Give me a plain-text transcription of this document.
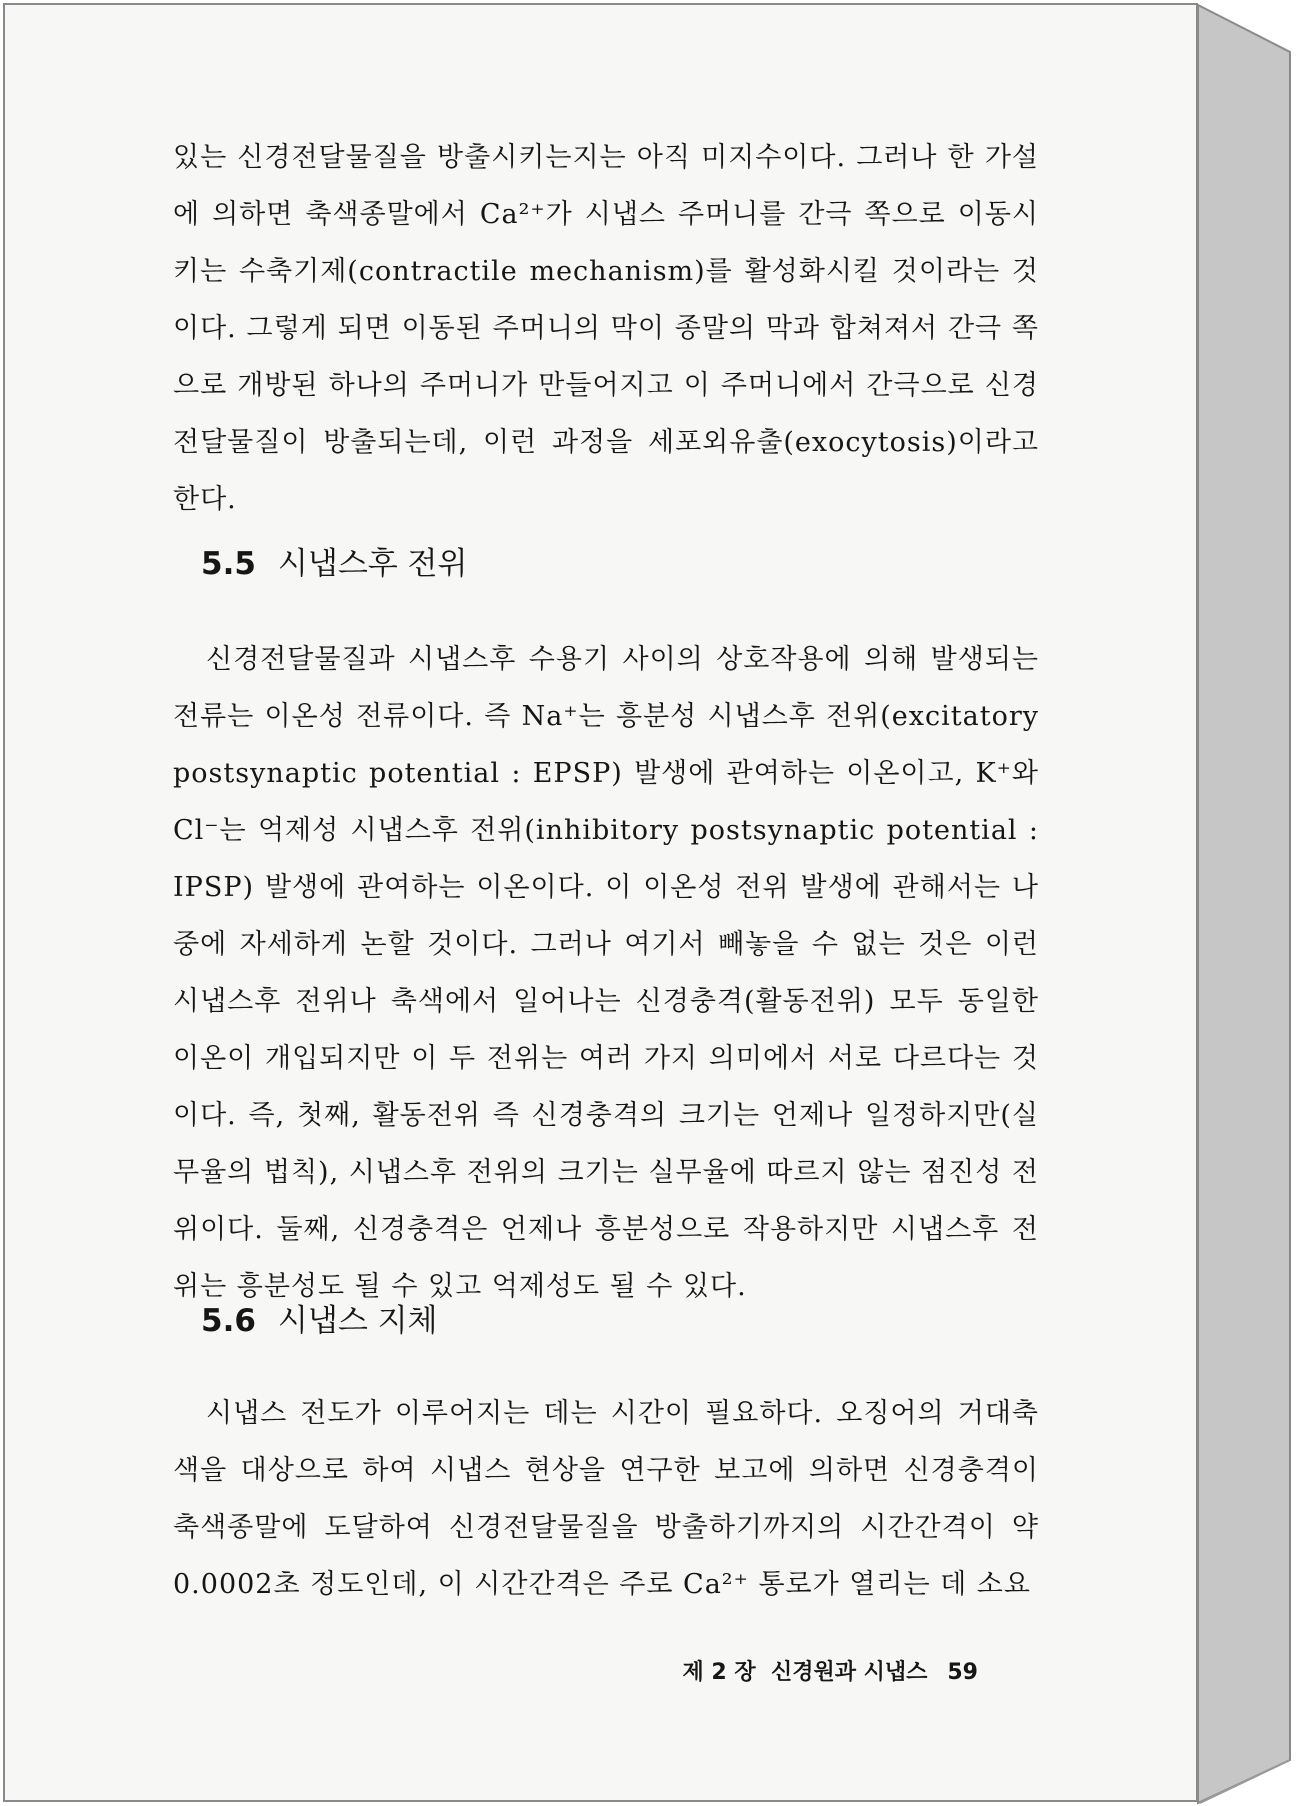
있는 신경전달물질을 방출시키는지는 아직 미지수이다. 그러나 한 가설에 의하면 축색종말에서 Ca²⁺가 시냅스 주머니를 간극 쪽으로 이동시키는 수축기제(contractile mechanism)를 활성화시킬 것이라는 것이다. 그렇게 되면 이동된 주머니의 막이 종말의 막과 합쳐져서 간극 쪽으로 개방된 하나의 주머니가 만들어지고 이 주머니에서 간극으로 신경전달물질이 방출되는데, 이런 과정을 세포외유출(exocytosis)이라고 한다.

5.5 시냅스후 전위

신경전달물질과 시냅스후 수용기 사이의 상호작용에 의해 발생되는 전류는 이온성 전류이다. 즉 Na⁺는 흥분성 시냅스후 전위(excitatory postsynaptic potential : EPSP) 발생에 관여하는 이온이고, K⁺와 Cl⁻는 억제성 시냅스후 전위(inhibitory postsynaptic potential : IPSP) 발생에 관여하는 이온이다. 이 이온성 전위 발생에 관해서는 나중에 자세하게 논할 것이다. 그러나 여기서 빼놓을 수 없는 것은 이런 시냅스후 전위나 축색에서 일어나는 신경충격(활동전위) 모두 동일한 이온이 개입되지만 이 두 전위는 여러 가지 의미에서 서로 다르다는 것이다. 즉, 첫째, 활동전위 즉 신경충격의 크기는 언제나 일정하지만(실무율의 법칙), 시냅스후 전위의 크기는 실무율에 따르지 않는 점진성 전위이다. 둘째, 신경충격은 언제나 흥분성으로 작용하지만 시냅스후 전위는 흥분성도 될 수 있고 억제성도 될 수 있다.

5.6 시냅스 지체

시냅스 전도가 이루어지는 데는 시간이 필요하다. 오징어의 거대축색을 대상으로 하여 시냅스 현상을 연구한 보고에 의하면 신경충격이 축색종말에 도달하여 신경전달물질을 방출하기까지의 시간간격이 약 0.0002초 정도인데, 이 시간간격은 주로 Ca²⁺ 통로가 열리는 데 소요

제 2 장  신경원과 시냅스 59
